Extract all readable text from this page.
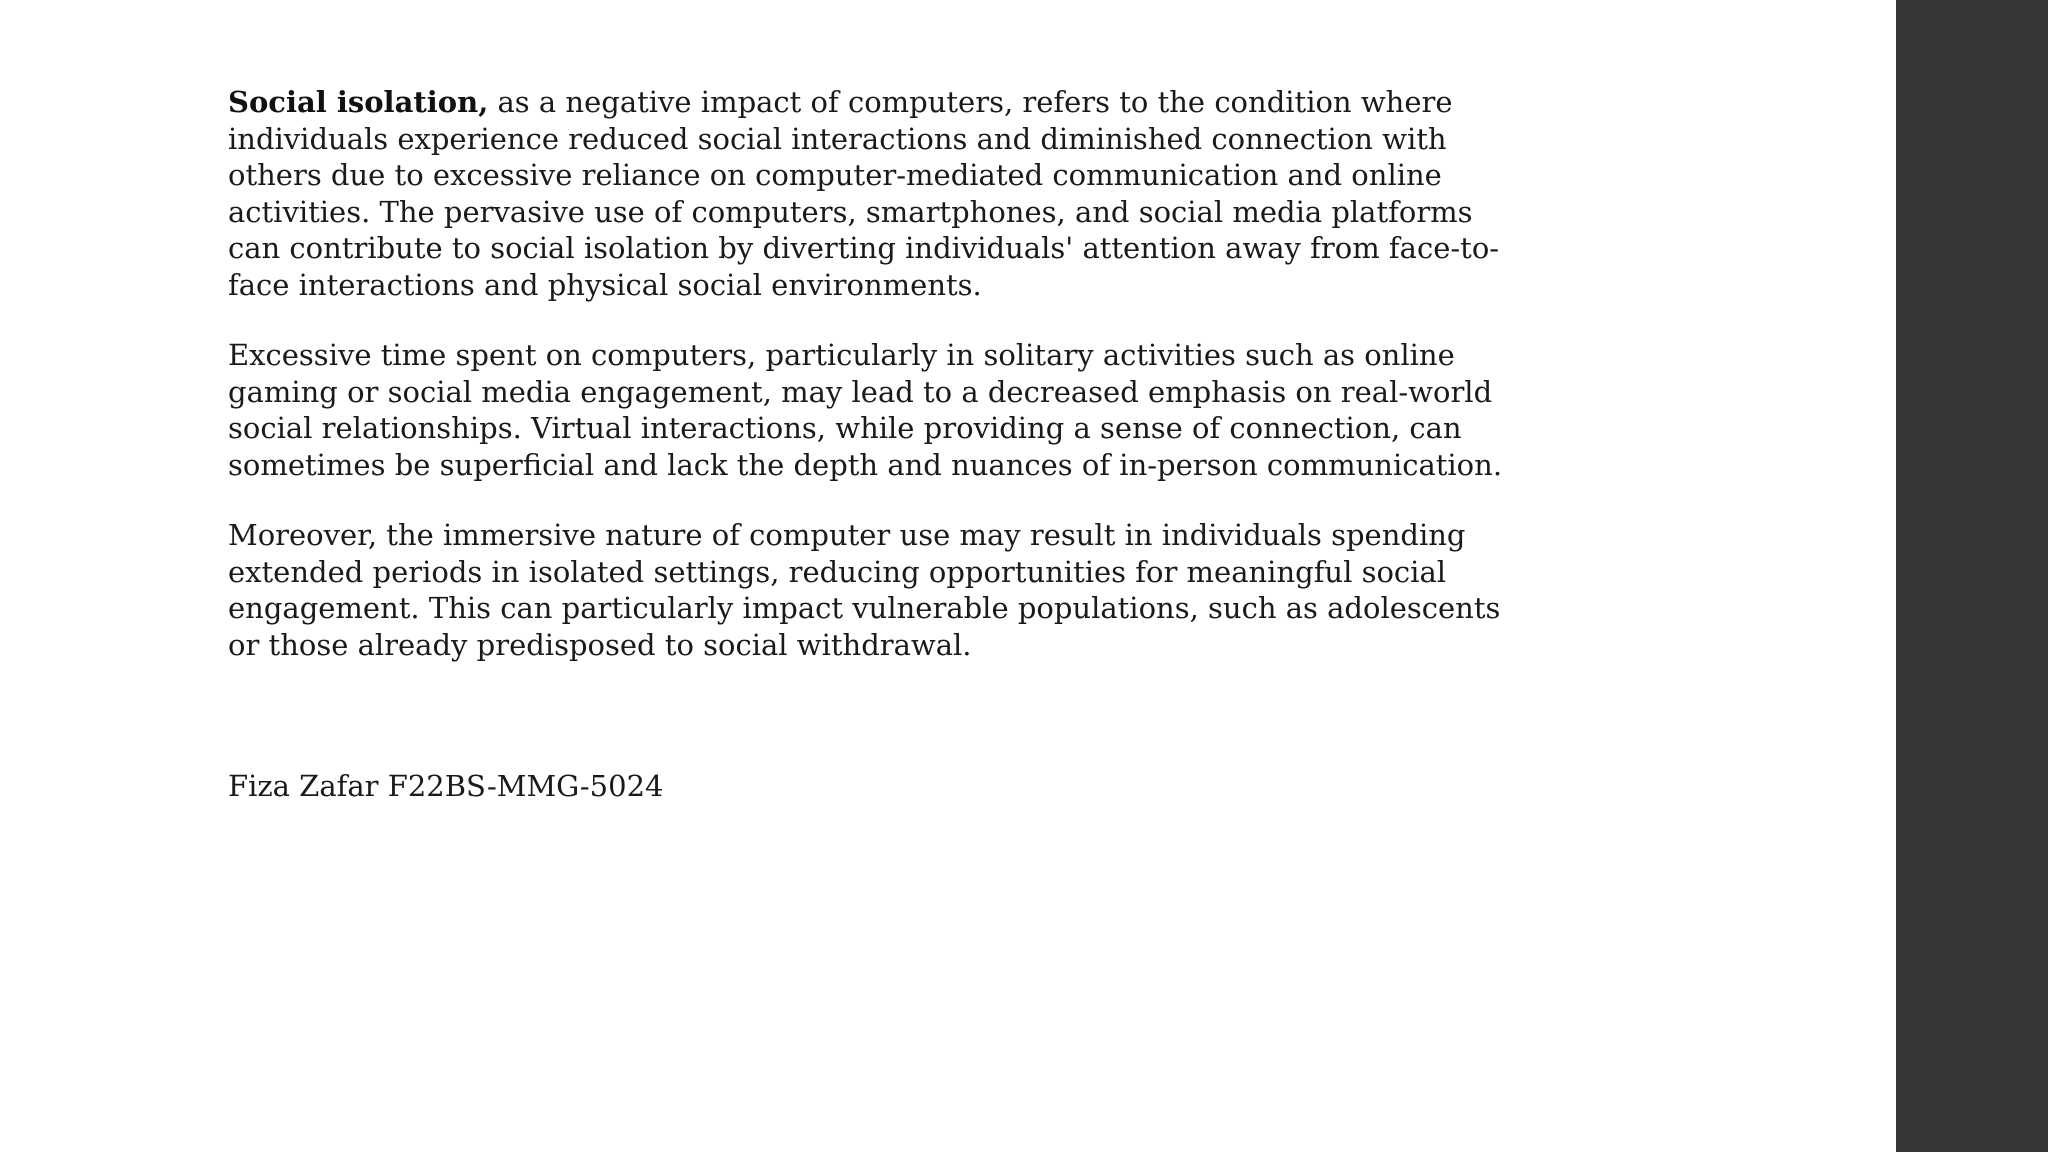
Social isolation, as a negative impact of computers, refers to the condition where
individuals experience reduced social interactions and diminished connection with
others due to excessive reliance on computer-mediated communication and online
activities. The pervasive use of computers, smartphones, and social media platforms
can contribute to social isolation by diverting individuals' attention away from face-to-
face interactions and physical social environments.

Excessive time spent on computers, particularly in solitary activities such as online
gaming or social media engagement, may lead to a decreased emphasis on real-world
social relationships. Virtual interactions, while providing a sense of connection, can
sometimes be superficial and lack the depth and nuances of in-person communication.

Moreover, the immersive nature of computer use may result in individuals spending
extended periods in isolated settings, reducing opportunities for meaningful social
engagement. This can particularly impact vulnerable populations, such as adolescents
or those already predisposed to social withdrawal.

Fiza Zafar F22BS-MMG-5024
